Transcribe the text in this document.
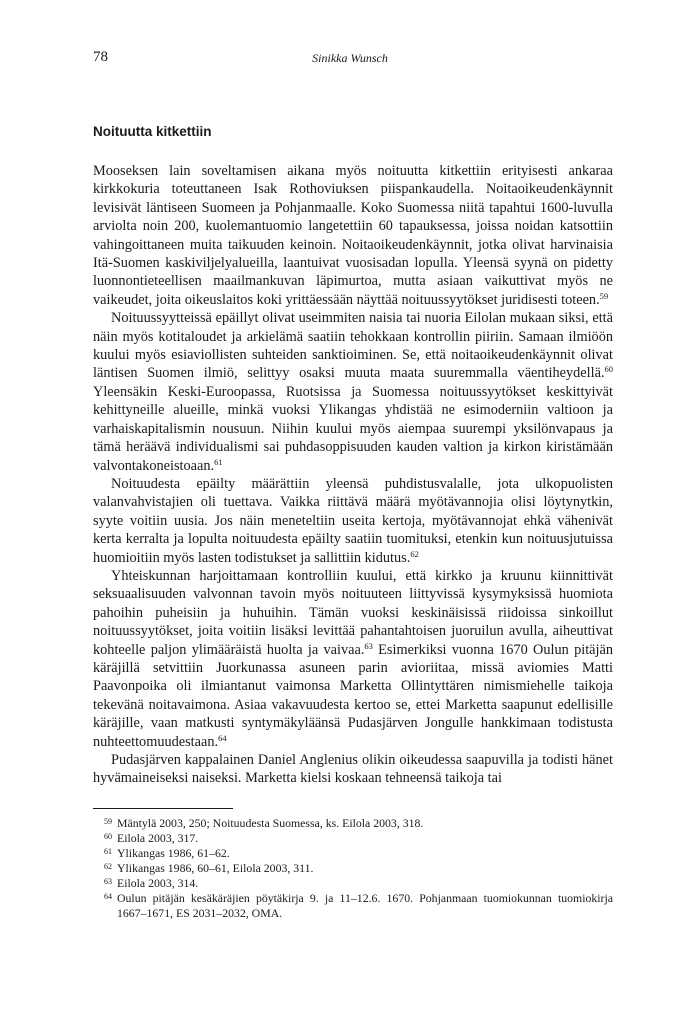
78	Sinikka Wunsch
Noituutta kitkettiin

Mooseksen lain soveltamisen aikana myös noituutta kitkettiin erityisesti ankaraa kirkkokuria toteuttaneen Isak Rothoviuksen piispankaudella. Noitaoikeudenkäynnit levisivät läntiseen Suomeen ja Pohjanmaalle. Koko Suomessa niitä tapahtui 1600-luvulla arviolta noin 200, kuolemantuomio langetettiin 60 tapauksessa, joissa noidan katsottiin vahingoittaneen muita taikuuden keinoin. Noitaoikeudenkäynnit, jotka olivat harvinaisia Itä-Suomen kaskiviljelyalueilla, laantuivat vuosisadan lopulla. Yleensä syynä on pidetty luonnontieteellisen maailmankuvan läpimurtoa, mutta asiaan vaikuttivat myös ne vaikeudet, joita oikeuslaitos koki yrittäessään näyttää noituussyytökset juridisesti toteen.$^{59}$

Noituussyytteissä epäillyt olivat useimmiten naisia tai nuoria Eilolan mukaan siksi, että näin myös kotitaloudet ja arkielämä saatiin tehokkaan kontrollin piiriin. Samaan ilmiöön kuului myös esiaviollisten suhteiden sanktioiminen. Se, että noitaoikeudenkäynnit olivat läntisen Suomen ilmiö, selittyy osaksi muuta maata suuremmalla väentiheydellä.$^{60}$ Yleensäkin Keski-Euroopassa, Ruotsissa ja Suomessa noituussyytökset keskittyivät kehittyneille alueille, minkä vuoksi Ylikangas yhdistää ne esimoderniin valtioon ja varhaiskapitalismin nousuun. Niihin kuului myös aiempaa suurempi yksilönvapaus ja tämä heräävä individualismi sai puhdasoppisuuden kauden valtion ja kirkon kiristämään valvontakoneistoaan.$^{61}$

Noituudesta epäilty määrättiin yleensä puhdistusvalalle, jota ulkopuolisten valanvahvistajien oli tuettava. Vaikka riittävä määrä myötävannojia olisi löytynytkin, syyte voitiin uusia. Jos näin meneteltiin useita kertoja, myötävannojat ehkä vähenivät kerta kerralta ja lopulta noituudesta epäilty saatiin tuomituksi, etenkin kun noituusjutuissa huomioitiin myös lasten todistukset ja sallittiin kidutus.$^{62}$

Yhteiskunnan harjoittamaan kontrolliin kuului, että kirkko ja kruunu kiinnittivät seksuaalisuuden valvonnan tavoin myös noituuteen liittyvissä kysymyksissä huomiota pahoihin puheisiin ja huhuihin. Tämän vuoksi keskinäisissä riidoissa sinkoillut noituussyytökset, joita voitiin lisäksi levittää pahantahtoisen juoruilun avulla, aiheuttivat kohteelle paljon ylimääräistä huolta ja vaivaa.$^{63}$ Esimerkiksi vuonna 1670 Oulun pitäjän käräjillä setvittiin Juorkunassa asuneen parin avioriitaa, missä aviomies Matti Paavonpoika oli ilmiantanut vaimonsa Marketta Ollintyttären nimismiehelle taikoja tekevänä noitavaimona. Asiaa vakavuudesta kertoo se, ettei Marketta saapunut edellisille käräjille, vaan matkusti syntymäkyläänsä Pudasjärven Jongulle hankkimaan todistusta nuhteettomuudestaan.$^{64}$

Pudasjärven kappalainen Daniel Anglenius olikin oikeudessa saapuvilla ja todisti hänet hyvämaineiseksi naiseksi. Marketta kielsi koskaan tehneensä taikoja tai

59 Mäntylä 2003, 250; Noituudesta Suomessa, ks. Eilola 2003, 318.
60 Eilola 2003, 317.
61 Ylikangas 1986, 61–62.
62 Ylikangas 1986, 60–61, Eilola 2003, 311.
63 Eilola 2003, 314.
64 Oulun pitäjän kesäkäräjien pöytäkirja 9. ja 11–12.6. 1670. Pohjanmaan tuomiokunnan tuomiokirja 1667–1671, ES 2031–2032, OMA.
